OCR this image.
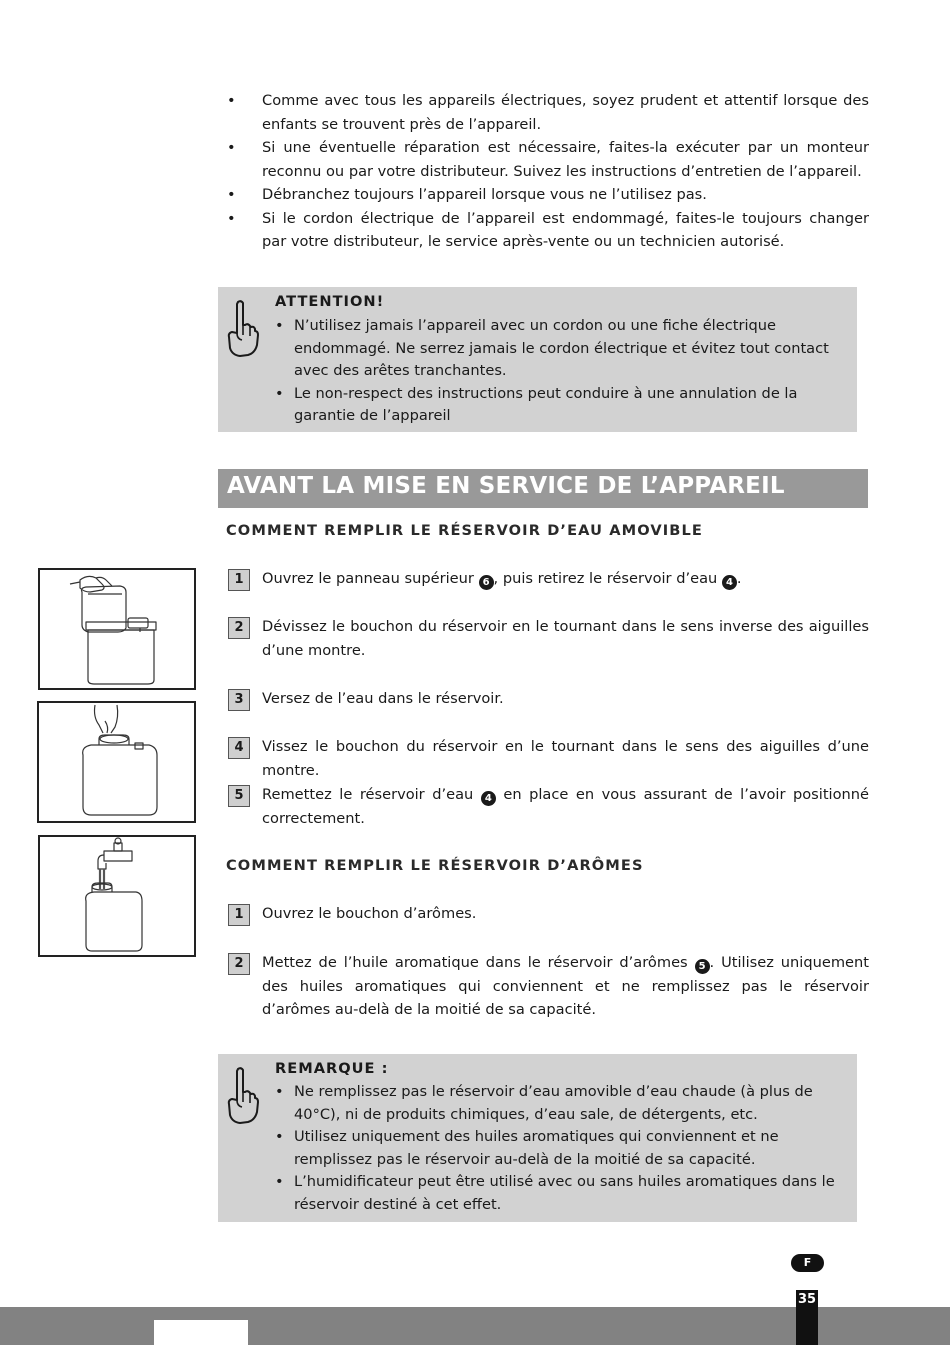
• Comme avec tous les appareils électriques, soyez prudent et attentif lorsque des enfants se trouvent près de l’appareil.
• Si une éventuelle réparation est nécessaire, faites-la exécuter par un monteur reconnu ou par votre distributeur. Suivez les instructions d’entretien de l’appareil.
• Débranchez toujours l’appareil lorsque vous ne l’utilisez pas.
• Si le cordon électrique de l’appareil est endommagé, faites-le toujours changer par votre distributeur, le service après-vente ou un technicien autorisé.
ATTENTION!
• N’utilisez jamais l’appareil avec un cordon ou une fiche électrique endommagé. Ne serrez jamais le cordon électrique et évitez tout contact avec des arêtes tranchantes.
• Le non-respect des instructions peut conduire à une annulation de la garantie de l’appareil
AVANT LA MISE EN SERVICE DE L’APPAREIL
COMMENT REMPLIR LE RÉSERVOIR D’EAU AMOVIBLE
1	Ouvrez le panneau supérieur 6 , puis retirez le réservoir d’eau 4 .
2	Dévissez le bouchon du réservoir en le tournant dans le sens inverse des aiguilles d’une montre.
3	Versez de l’eau dans le réservoir.
4	Vissez le bouchon du réservoir en le tournant dans le sens des aiguilles d’une montre.
5	Remettez le réservoir d’eau 4 en place en vous assurant de l’avoir positionné correctement.
COMMENT REMPLIR LE RÉSERVOIR D’ARÔMES
1	Ouvrez le bouchon d’arômes.
2	Mettez de l’huile aromatique dans le réservoir d’arômes 5 . Utilisez uniquement des huiles aromatiques qui conviennent et ne remplissez pas le réservoir d’arômes au-delà de la moitié de sa capacité.
REMARQUE :
• Ne remplissez pas le réservoir d’eau amovible d’eau chaude (à plus de 40°C), ni de produits chimiques, d’eau sale, de détergents, etc.
• Utilisez uniquement des huiles aromatiques qui conviennent et ne remplissez pas le réservoir au-delà de la moitié de sa capacité.
• L’humidificateur peut être utilisé avec ou sans huiles aromatiques dans le réservoir destiné à cet effet.
F
35
